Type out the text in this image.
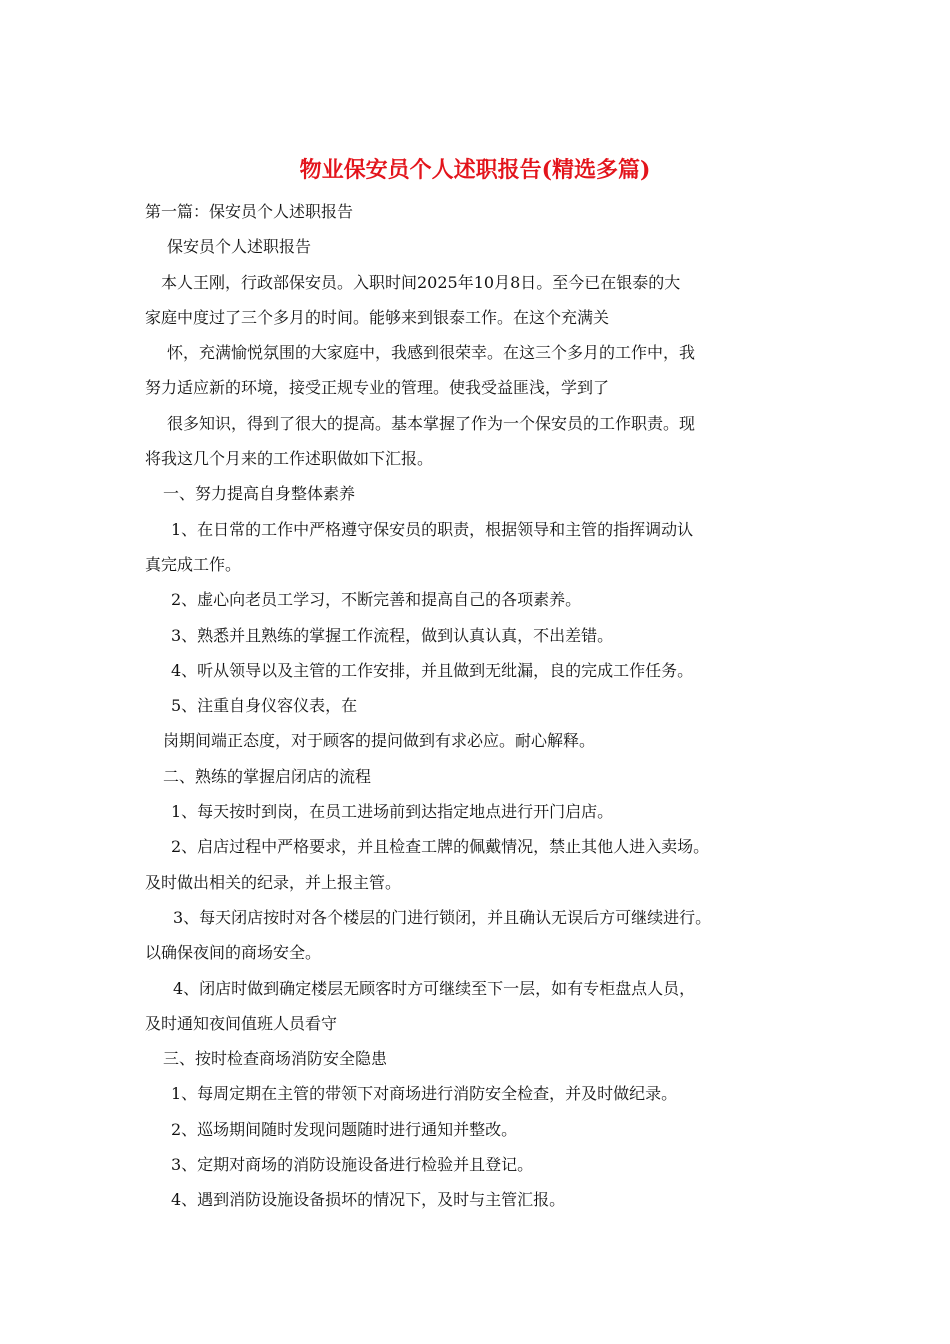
物业保安员个人述职报告(精选多篇)
第一篇：保安员个人述职报告
保安员个人述职报告
本人王刚，行政部保安员。入职时间2025年10月8日。至今已在银泰的大
家庭中度过了三个多月的时间。能够来到银泰工作。在这个充满关
怀，充满愉悦氛围的大家庭中，我感到很荣幸。在这三个多月的工作中，我
努力适应新的环境，接受正规专业的管理。使我受益匪浅，学到了
很多知识，得到了很大的提高。基本掌握了作为一个保安员的工作职责。现
将我这几个月来的工作述职做如下汇报。
一、努力提高自身整体素养
1、在日常的工作中严格遵守保安员的职责，根据领导和主管的指挥调动认
真完成工作。
2、虚心向老员工学习，不断完善和提高自己的各项素养。
3、熟悉并且熟练的掌握工作流程，做到认真认真，不出差错。
4、听从领导以及主管的工作安排，并且做到无纰漏，良的完成工作任务。
5、注重自身仪容仪表，在
岗期间端正态度，对于顾客的提问做到有求必应。耐心解释。
二、熟练的掌握启闭店的流程
1、每天按时到岗，在员工进场前到达指定地点进行开门启店。
2、启店过程中严格要求，并且检查工牌的佩戴情况，禁止其他人进入卖场。
及时做出相关的纪录，并上报主管。
3、每天闭店按时对各个楼层的门进行锁闭，并且确认无误后方可继续进行。
以确保夜间的商场安全。
4、闭店时做到确定楼层无顾客时方可继续至下一层，如有专柜盘点人员，
及时通知夜间值班人员看守
三、按时检查商场消防安全隐患
1、每周定期在主管的带领下对商场进行消防安全检查，并及时做纪录。
2、巡场期间随时发现问题随时进行通知并整改。
3、定期对商场的消防设施设备进行检验并且登记。
4、遇到消防设施设备损坏的情况下，及时与主管汇报。
